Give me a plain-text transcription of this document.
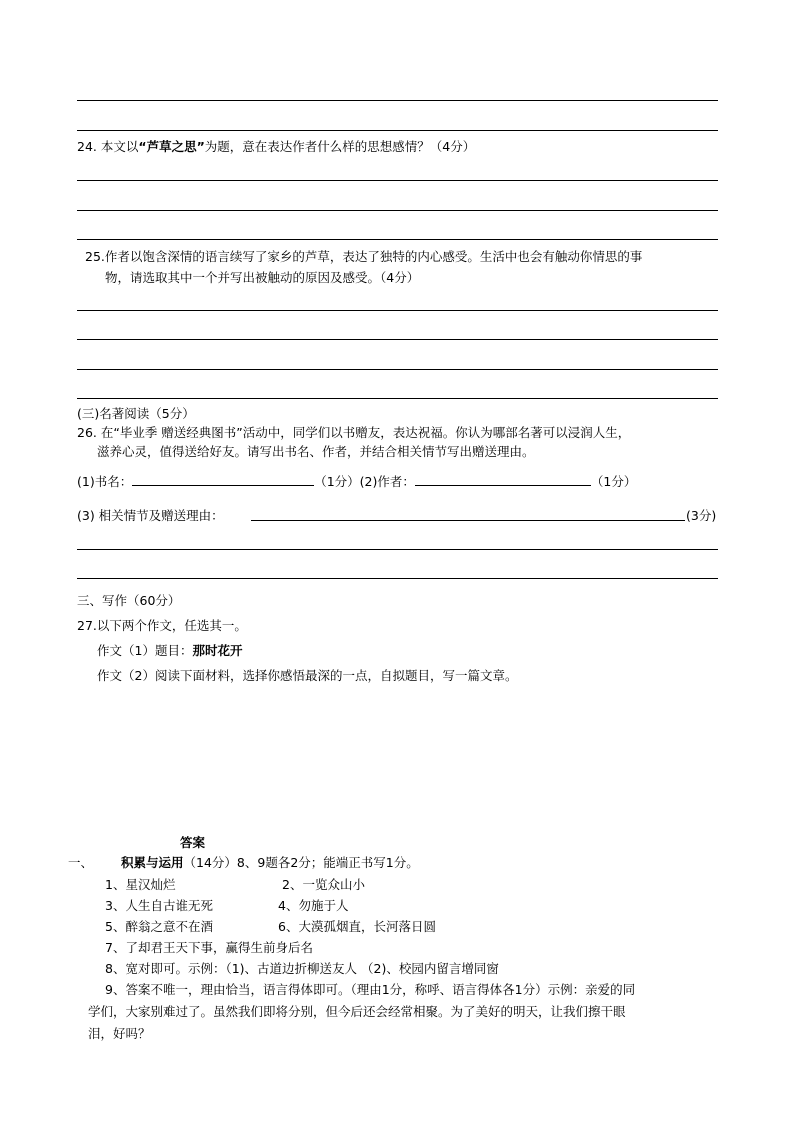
24. 本文以“芦草之思”为题，意在表达作者什么样的思想感情？（4分）
25.作者以饱含深情的语言续写了家乡的芦草，表达了独特的内心感受。生活中也会有触动你情思的事
物，请选取其中一个并写出被触动的原因及感受。（4分）
(三)名著阅读（5分）
26. 在“毕业季 赠送经典图书”活动中，同学们以书赠友，表达祝福。你认为哪部名著可以浸润人生，
滋养心灵，值得送给好友。请写出书名、作者，并结合相关情节写出赠送理由。
(1)书名：	（1分）(2)作者：	（1分）
(3) 相关情节及赠送理由：	(3分)
三、写作（60分）
27.以下两个作文，任选其一。
作文（1）题目：那时花开
作文（2）阅读下面材料，选择你感悟最深的一点，自拟题目，写一篇文章。
答案
一、 积累与运用（14分）8、9题各2分；能端正书写1分。
1、星汉灿烂	2、一览众山小
3、人生自古谁无死	4、勿施于人
5、醉翁之意不在酒	6、大漠孤烟直，长河落日圆
7、了却君王天下事，赢得生前身后名
8、宽对即可。示例：（1)、古道边折柳送友人 （2)、校园内留言增同窗
9、答案不唯一，理由恰当，语言得体即可。（理由1分，称呼、语言得体各1分）示例：亲爱的同
学们，大家别难过了。虽然我们即将分别，但今后还会经常相聚。为了美好的明天，让我们擦干眼
泪，好吗？
